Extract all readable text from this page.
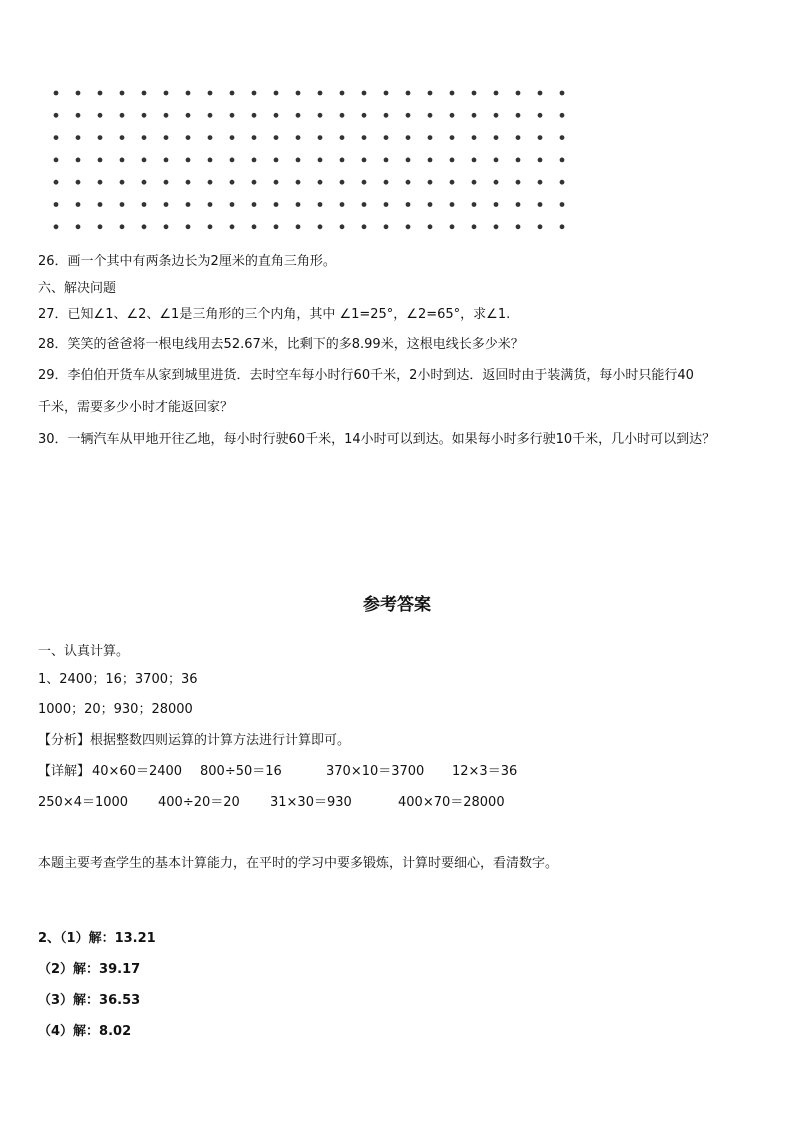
26．画一个其中有两条边长为2厘米的直角三角形。
六、解决问题
27．已知∠1、∠2、∠1是三角形的三个内角，其中 ∠1=25°，∠2=65°，求∠1.
28．笑笑的爸爸将一根电线用去52.67米，比剩下的多8.99米，这根电线长多少米？
29．李伯伯开货车从家到城里进货．去时空车每小时行60千米，2小时到达．返回时由于装满货，每小时只能行40
千米，需要多少小时才能返回家？
30．一辆汽车从甲地开往乙地，每小时行驶60千米，14小时可以到达。如果每小时多行驶10千米，几小时可以到达？
参考答案
一、认真计算。
1、2400；16；3700；36
1000；20；930；28000
【分析】根据整数四则运算的计算方法进行计算即可。
【详解】 40×60＝2400 800÷50＝16	370×10＝3700 12×3＝36
250×4＝1000 400÷20＝20 31×30＝930	400×70＝28000
本题主要考查学生的基本计算能力，在平时的学习中要多锻炼，计算时要细心，看清数字。
2、（1）解：13.21
（2）解：39.17
（3）解：36.53
（4）解：8.02
